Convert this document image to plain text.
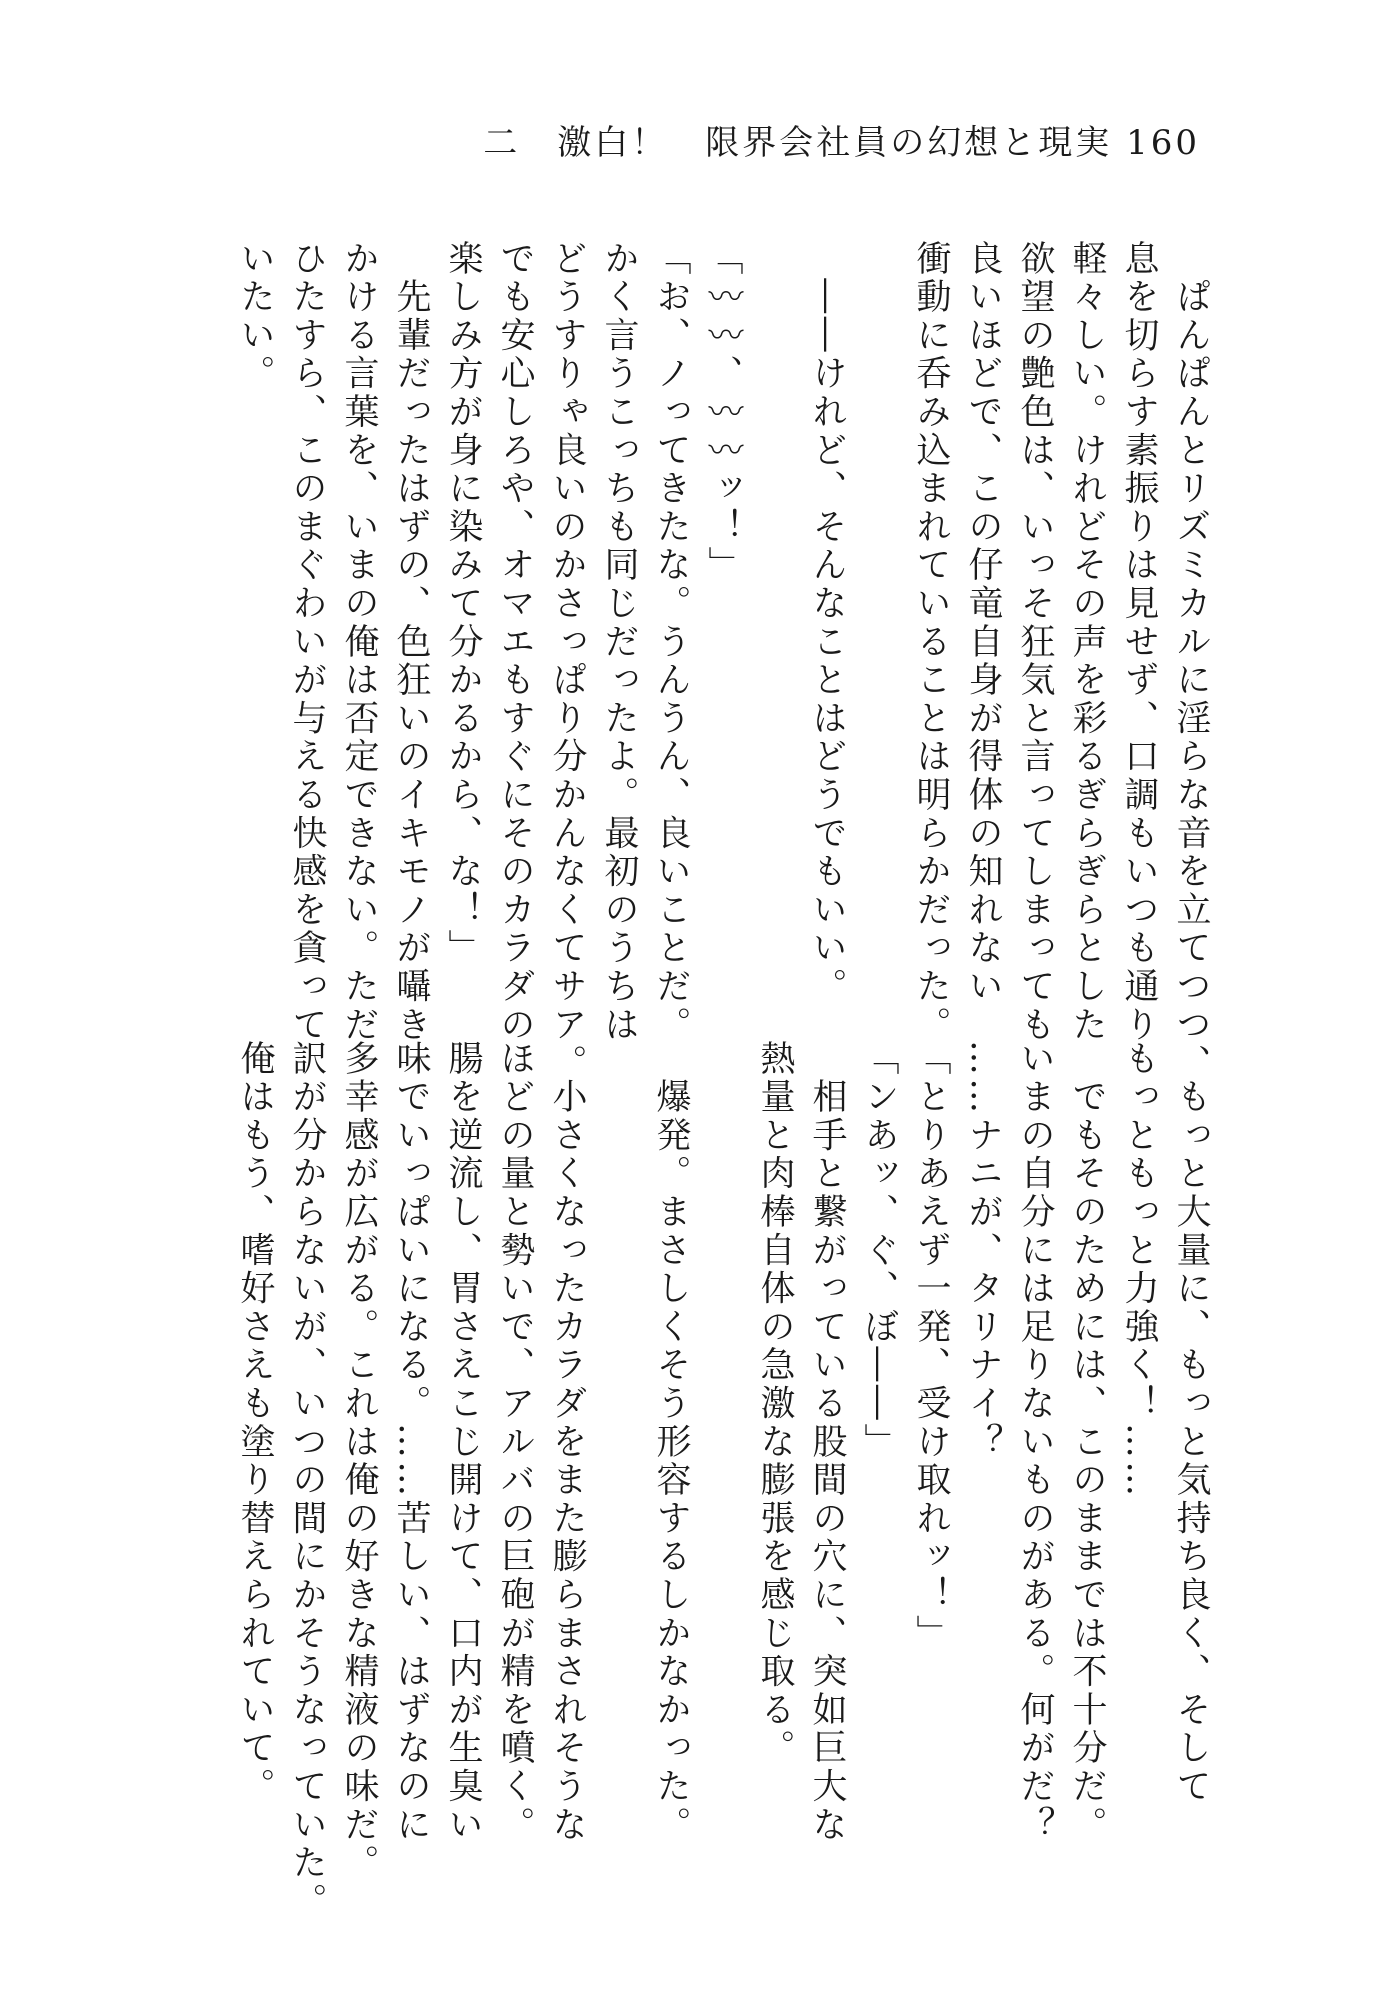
二　激白！　限界会社員の幻想と現実 160
　ぱんぱんとリズミカルに淫らな音を立てつつ、
息を切らす素振りは見せず、口調もいつも通り
軽々しい。けれどその声を彩るぎらぎらとした
欲望の艶色は、いっそ狂気と言ってしまっても
良いほどで、この仔竜自身が得体の知れない
衝動に呑み込まれていることは明らかだった。
　――けれど、そんなことはどうでもいい。
「〰〰、〰〰ッ！」
「お、ノってきたな。うんうん、良いことだ。
かく言うこっちも同じだったよ。最初のうちは
どうすりゃ良いのかさっぱり分かんなくてサア。
でも安心しろや、オマエもすぐにそのカラダの
楽しみ方が身に染みて分かるから、な！」
　先輩だったはずの、色狂いのイキモノが囁き
かける言葉を、いまの俺は否定できない。ただ
ひたすら、このまぐわいが与える快感を貪って
いたい。
　もっと大量に、もっと気持ち良く、そして
もっともっと力強く！……
　でもそのためには、このままでは不十分だ。
いまの自分には足りないものがある。何がだ？
……ナニが、タリナイ？
「とりあえず一発、受け取れッ！」
「ンあッ、ぐ、ぼ――」
　相手と繋がっている股間の穴に、突如巨大な
熱量と肉棒自体の急激な膨張を感じ取る。
　爆発。まさしくそう形容するしかなかった。
　小さくなったカラダをまた膨らまされそうな
ほどの量と勢いで、アルバの巨砲が精を噴く。
腸を逆流し、胃さえこじ開けて、口内が生臭い
味でいっぱいになる。……苦しい、はずなのに
多幸感が広がる。これは俺の好きな精液の味だ。
訳が分からないが、いつの間にかそうなっていた。
俺はもう、嗜好さえも塗り替えられていて。
